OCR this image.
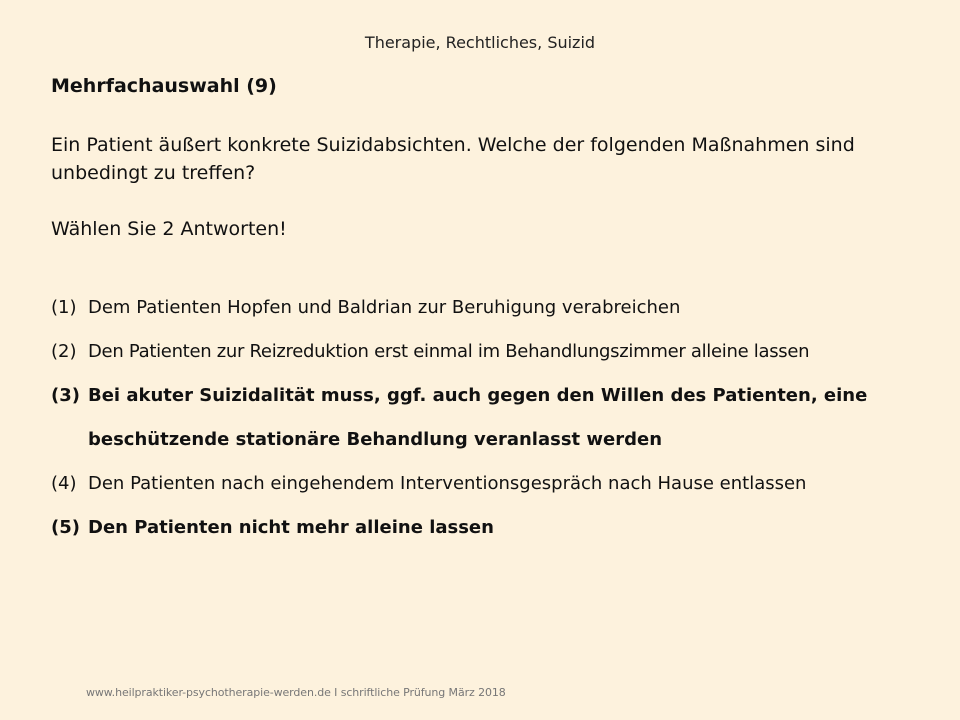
Therapie, Rechtliches, Suizid
Mehrfachauswahl (9)
Ein Patient äußert konkrete Suizidabsichten. Welche der folgenden Maßnahmen sind unbedingt zu treffen?
Wählen Sie 2 Antworten!
(1) Dem Patienten Hopfen und Baldrian zur Beruhigung verabreichen
(2) Den Patienten zur Reizreduktion erst einmal im Behandlungszimmer alleine lassen
(3) Bei akuter Suizidalität muss, ggf. auch gegen den Willen des Patienten, eine beschützende stationäre Behandlung veranlasst werden
(4) Den Patienten nach eingehendem Interventionsgespräch nach Hause entlassen
(5) Den Patienten nicht mehr alleine lassen
www.heilpraktiker-psychotherapie-werden.de I schriftliche Prüfung März 2018
